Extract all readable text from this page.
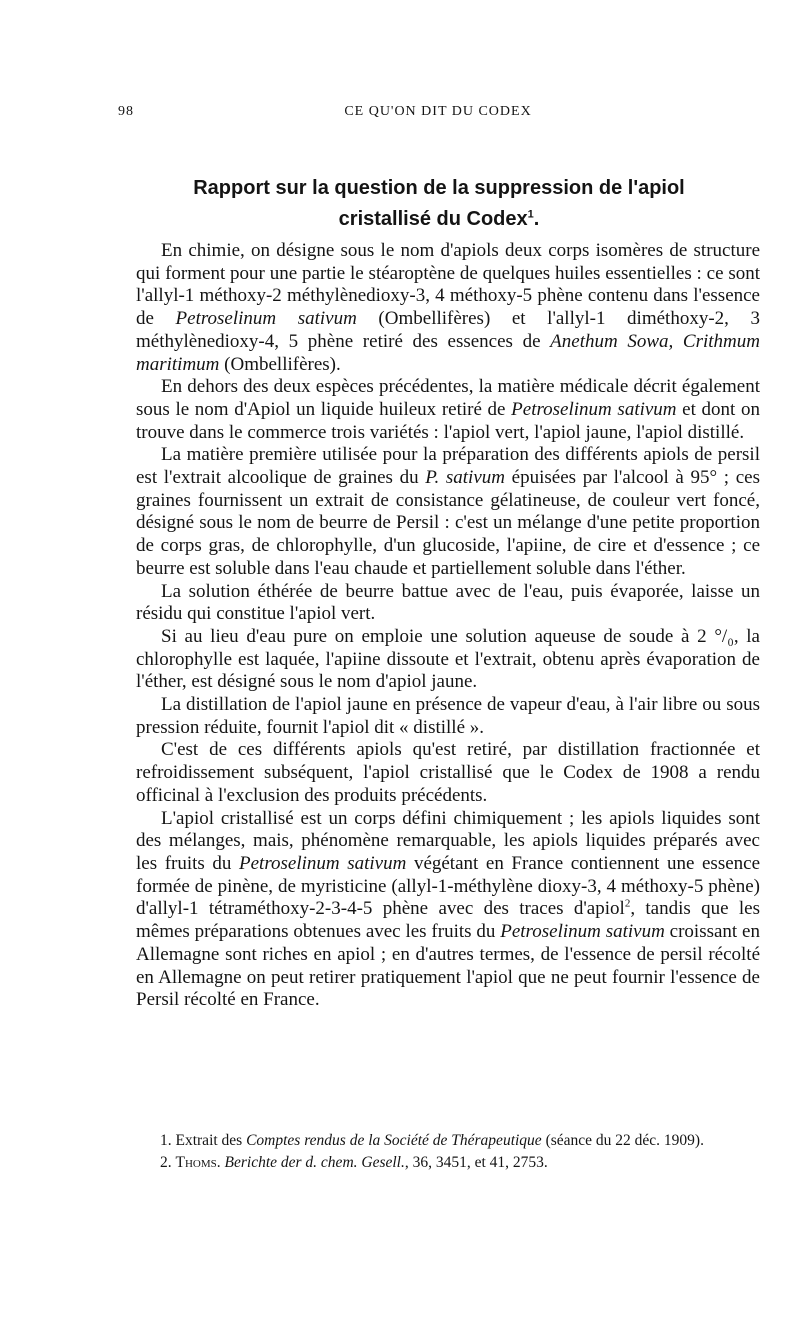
98	CE QU'ON DIT DU CODEX
Rapport sur la question de la suppression de l'apiol
cristallisé du Codex$^1$.

En chimie, on désigne sous le nom d'apiols deux corps isomères de structure qui forment pour une partie le stéaroptène de quelques huiles essentielles : ce sont l'allyl-1 méthoxy-2 méthylènedioxy-3, 4 méthoxy-5 phène contenu dans l'essence de Petroselinum sativum (Ombellifères) et l'allyl-1 diméthoxy-2, 3 méthylènedioxy-4, 5 phène retiré des essences de Anethum Sowa, Crithmum maritimum (Ombellifères).

En dehors des deux espèces précédentes, la matière médicale décrit également sous le nom d'Apiol un liquide huileux retiré de Petroselinum sativum et dont on trouve dans le commerce trois variétés : l'apiol vert, l'apiol jaune, l'apiol distillé.

La matière première utilisée pour la préparation des différents apiols de persil est l'extrait alcoolique de graines du P. sativum épuisées par l'alcool à 95° ; ces graines fournissent un extrait de consistance gélatineuse, de couleur vert foncé, désigné sous le nom de beurre de Persil : c'est un mélange d'une petite proportion de corps gras, de chlorophylle, d'un glucoside, l'apiine, de cire et d'essence ; ce beurre est soluble dans l'eau chaude et partiellement soluble dans l'éther.

La solution éthérée de beurre battue avec de l'eau, puis évaporée, laisse un résidu qui constitue l'apiol vert.

Si au lieu d'eau pure on emploie une solution aqueuse de soude à 2 °/₀, la chlorophylle est laquée, l'apiine dissoute et l'extrait, obtenu après évaporation de l'éther, est désigné sous le nom d'apiol jaune.

La distillation de l'apiol jaune en présence de vapeur d'eau, à l'air libre ou sous pression réduite, fournit l'apiol dit « distillé ».

C'est de ces différents apiols qu'est retiré, par distillation fractionnée et refroidissement subséquent, l'apiol cristallisé que le Codex de 1908 a rendu officinal à l'exclusion des produits précédents.

L'apiol cristallisé est un corps défini chimiquement ; les apiols liquides sont des mélanges, mais, phénomène remarquable, les apiols liquides préparés avec les fruits du Petroselinum sativum végétant en France contiennent une essence formée de pinène, de myristicine (allyl-1-méthylène dioxy-3, 4 méthoxy-5 phène) d'allyl-1 tétraméthoxy-2-3-4-5 phène avec des traces d'apiol$^2$, tandis que les mêmes préparations obtenues avec les fruits du Petroselinum sativum croissant en Allemagne sont riches en apiol ; en d'autres termes, de l'essence de persil récolté en Allemagne on peut retirer pratiquement l'apiol que ne peut fournir l'essence de Persil récolté en France.

1. Extrait des Comptes rendus de la Société de Thérapeutique (séance du 22 déc. 1909).

2. Thoms. Berichte der d. chem. Gesell., 36, 3451, et 41, 2753.
